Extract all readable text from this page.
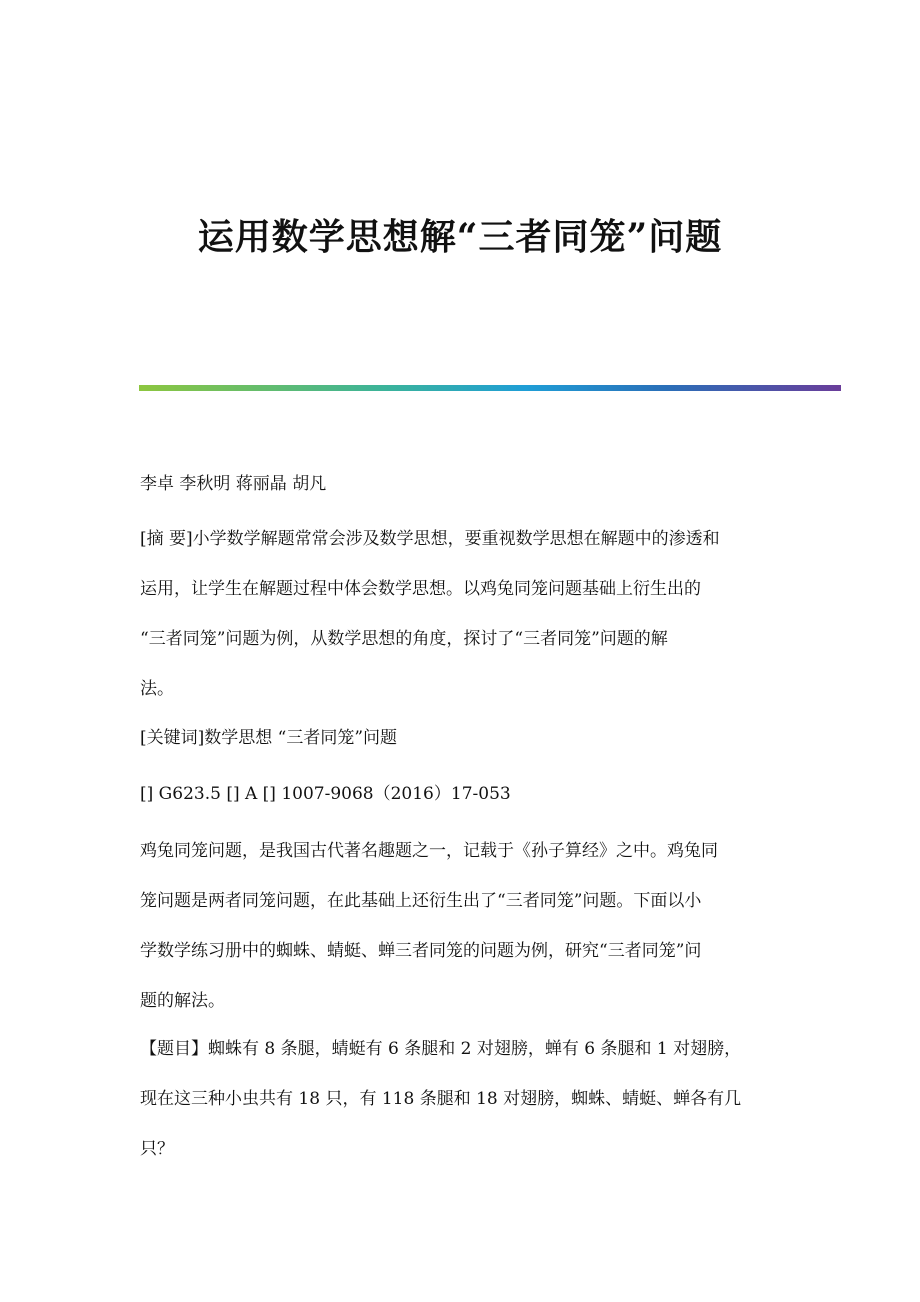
运用数学思想解“三者同笼”问题
李卓 李秋明 蒋丽晶 胡凡
[摘 要]小学数学解题常常会涉及数学思想，要重视数学思想在解题中的渗透和
运用，让学生在解题过程中体会数学思想。以鸡兔同笼问题基础上衍生出的
“三者同笼”问题为例，从数学思想的角度，探讨了“三者同笼”问题的解
法。
[关键词]数学思想 “三者同笼”问题
[] G623.5 [] A [] 1007-9068（2016）17-053
鸡兔同笼问题，是我国古代著名趣题之一，记载于《孙子算经》之中。鸡兔同
笼问题是两者同笼问题，在此基础上还衍生出了“三者同笼”问题。下面以小
学数学练习册中的蜘蛛、蜻蜓、蝉三者同笼的问题为例，研究“三者同笼”问
题的解法。
【题目】蜘蛛有 8 条腿，蜻蜓有 6 条腿和 2 对翅膀，蝉有 6 条腿和 1 对翅膀，
现在这三种小虫共有 18 只，有 118 条腿和 18 对翅膀，蜘蛛、蜻蜓、蝉各有几
只？
